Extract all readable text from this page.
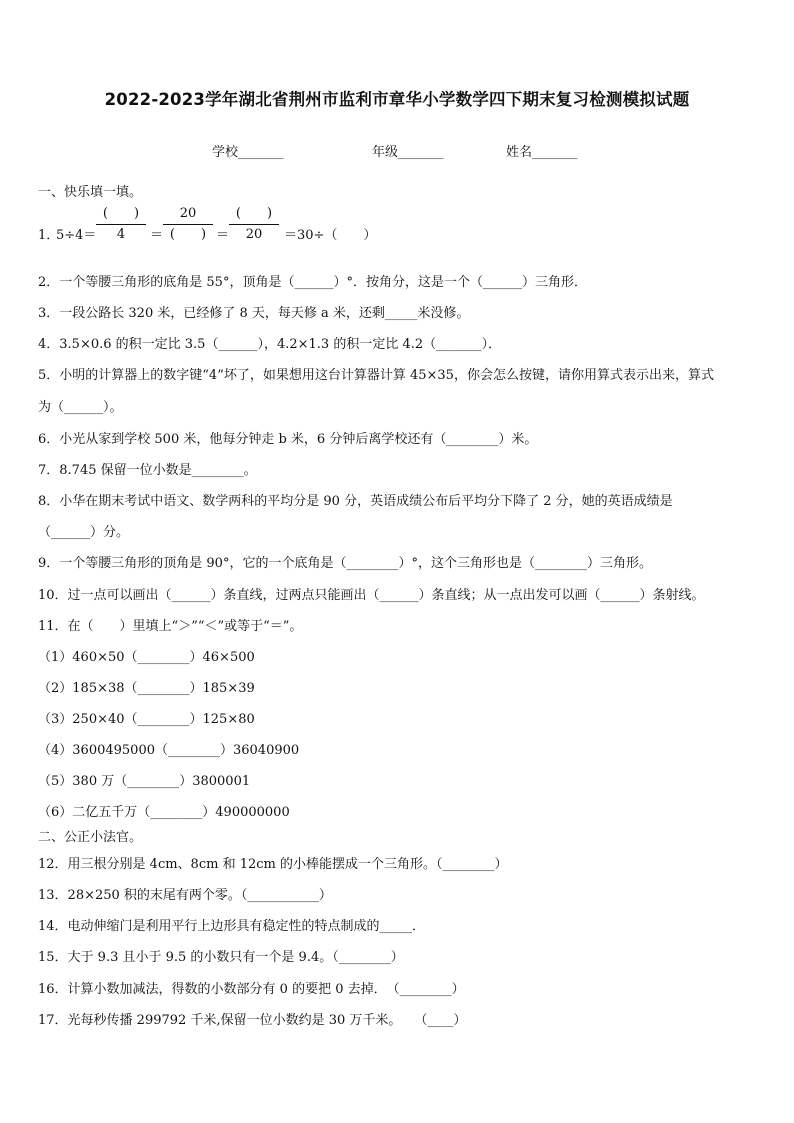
2022-2023学年湖北省荆州市监利市章华小学数学四下期末复习检测模拟试题
学校_______	年级_______	姓名_______
一、快乐填一填。
1．
5÷4＝
(　　)
4	＝
20
(　　) ＝
(　　)
20	＝30÷（　　）
2．一个等腰三角形的底角是 55°，顶角是（______）°．按角分，这是一个（______）三角形．
3．一段公路长 320 米，已经修了 8 天，每天修 a 米，还剩_____米没修。
4．3.5×0.6 的积一定比 3.5（______），4.2×1.3 的积一定比 4.2（_______）．
5．小明的计算器上的数字键“4”坏了，如果想用这台计算器计算 45×35，你会怎么按键，请你用算式表示出来，算式
为（______）。
6．小光从家到学校 500 米，他每分钟走 b 米，6 分钟后离学校还有（________）米。
7．8.745 保留一位小数是________。
8．小华在期末考试中语文、数学两科的平均分是 90 分，英语成绩公布后平均分下降了 2 分，她的英语成绩是
（______）分。
9．一个等腰三角形的顶角是 90°，它的一个底角是（________）°，这个三角形也是（________）三角形。
10．过一点可以画出（______）条直线，过两点只能画出（______）条直线；从一点出发可以画（______）条射线。
11．在（　　）里填上“＞”“＜”或等于“＝”。
（1）460×50（________）46×500
（2）185×38（________）185×39
（3）250×40（________）125×80
（4）3600495000（________）36040900
（5）380 万（________）3800001
（6）二亿五千万（________）490000000
二、公正小法官。
12．用三根分别是 4cm、8cm 和 12cm 的小棒能摆成一个三角形。（________）
13．28×250 积的末尾有两个零。（___________）
14．电动伸缩门是利用平行上边形具有稳定性的特点制成的_____．
15．大于 9.3 且小于 9.5 的小数只有一个是 9.4。（________）
16．计算小数加减法，得数的小数部分有 0 的要把 0 去掉．　（________）
17．光每秒传播 299792 千米,保留一位小数约是 30 万千米。　　（____）
